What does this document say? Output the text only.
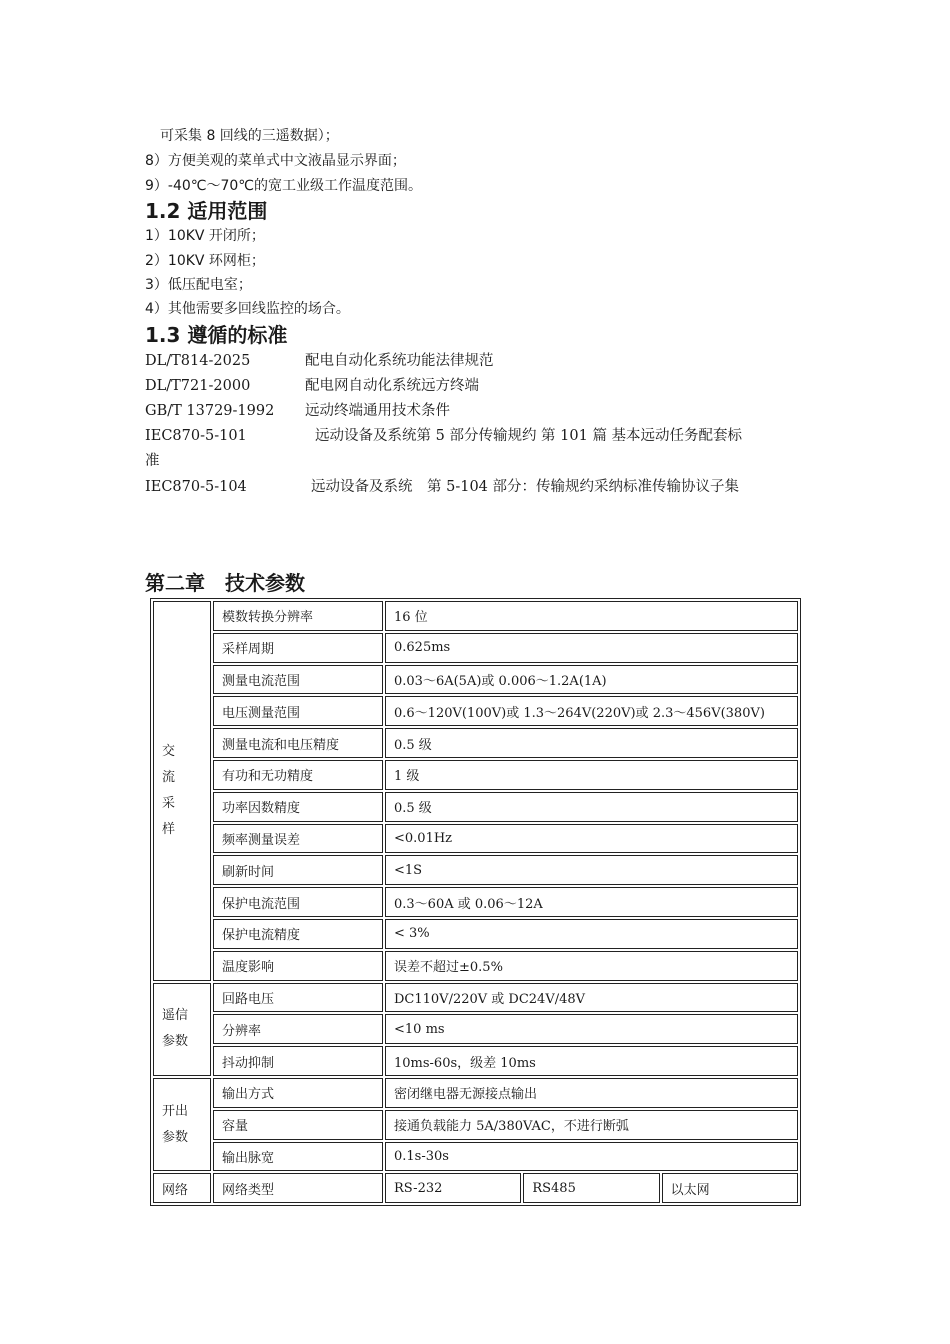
可采集 8 回线的三遥数据）；
8）方便美观的菜单式中文液晶显示界面；
9）-40℃～70℃的宽工业级工作温度范围。
1.2 适用范围
1）10KV 开闭所；
2）10KV 环网柜；
3）低压配电室；
4）其他需要多回线监控的场合。
1.3 遵循的标准
DL/T814-2025	配电自动化系统功能法律规范
DL/T721-2000	配电网自动化系统远方终端
GB/T 13729-1992 远动终端通用技术条件
IEC870-5-101	远动设备及系统第 5 部分传输规约 第 101 篇 基本远动任务配套标
准
IEC870-5-104	远动设备及系统　第 5-104 部分：传输规约采纳标准传输协议子集
第二章　技术参数
交
流
采
样	模数转换分辨率	16 位		
	采样周期	0.625ms		
	测量电流范围	0.03～6A(5A)或 0.006～1.2A(1A)		
	电压测量范围	0.6～120V(100V)或 1.3～264V(220V)或 2.3～456V(380V)		
	测量电流和电压精度	0.5 级		
	有功和无功精度	1 级		
	功率因数精度	0.5 级		
	频率测量误差	<0.01Hz		
	刷新时间	<1S		
	保护电流范围	0.3～60A 或 0.06～12A		
	保护电流精度	< 3%		
	温度影响	误差不超过±0.5%		

遥信
参数	回路电压	DC110V/220V 或 DC24V/48V		
	分辨率	<10 ms		
	抖动抑制	10ms-60s，级差 10ms		

开出
参数	输出方式	密闭继电器无源接点输出		
	容量	接通负载能力 5A/380VAC，不进行断弧		
	输出脉宽	0.1s-30s		
网络	网络类型	RS-232	RS485	以太网
